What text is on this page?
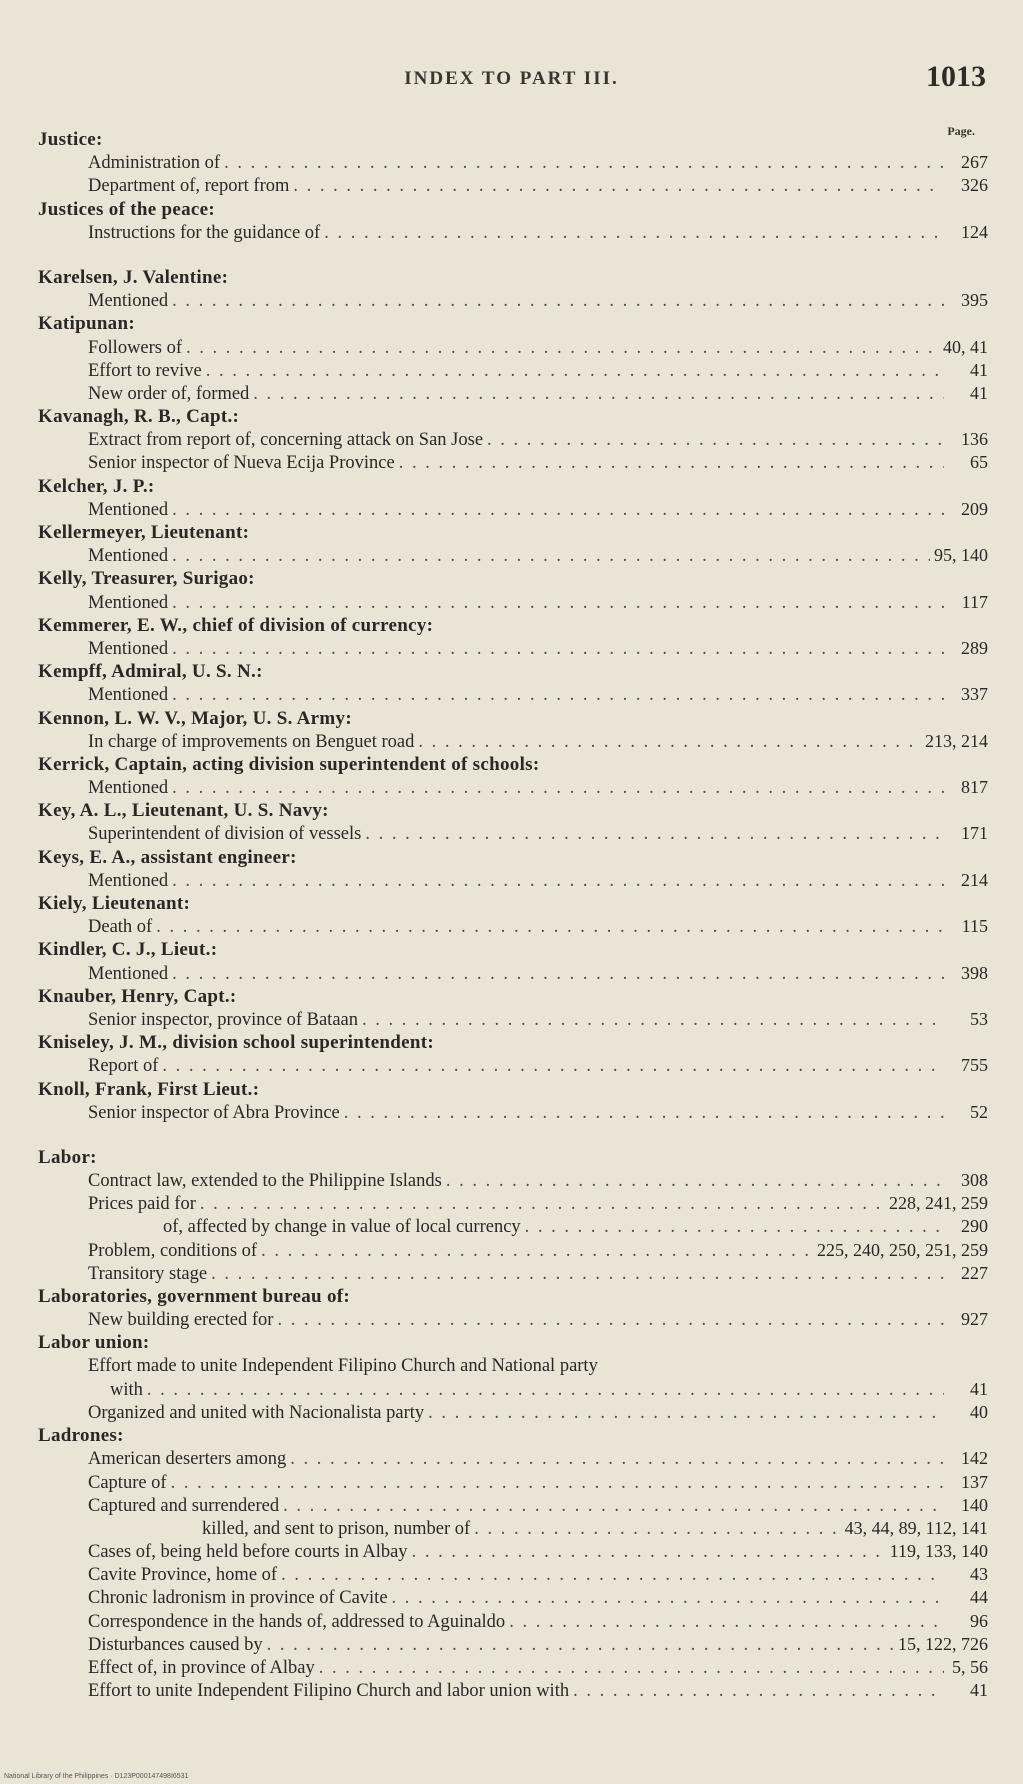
INDEX TO PART III.	1013
Page.
Justice:
Administration of . . .	267
Department of, report from . . .	326
Justices of the peace:
Instructions for the guidance of . . .	124
Karelsen, J. Valentine:
Mentioned . . .	395
Katipunan:
Followers of . . .	40, 41
Effort to revive . . .	41
New order of, formed . . .	41
Kavanagh, R. B., Capt.:
Extract from report of, concerning attack on San Jose . . .	136
Senior inspector of Nueva Ecija Province . . .	65
Kelcher, J. P.:
Mentioned . . .	209
Kellermeyer, Lieutenant:
Mentioned . . .	95, 140
Kelly, Treasurer, Surigao:
Mentioned . . .	117
Kemmerer, E. W., chief of division of currency:
Mentioned . . .	289
Kempff, Admiral, U. S. N.:
Mentioned . . .	337
Kennon, L. W. V., Major, U. S. Army:
In charge of improvements on Benguet road . . .	213, 214
Kerrick, Captain, acting division superintendent of schools:
Mentioned . . .	817
Key, A. L., Lieutenant, U. S. Navy:
Superintendent of division of vessels . . .	171
Keys, E. A., assistant engineer:
Mentioned . . .	214
Kiely, Lieutenant:
Death of . . .	115
Kindler, C. J., Lieut.:
Mentioned . . .	398
Knauber, Henry, Capt.:
Senior inspector, province of Bataan . . .	53
Kniseley, J. M., division school superintendent:
Report of . . .	755
Knoll, Frank, First Lieut.:
Senior inspector of Abra Province . . .	52
Labor:
Contract law, extended to the Philippine Islands . . .	308
Prices paid for . . .	228, 241, 259
of, affected by change in value of local currency . . .	290
Problem, conditions of . . .	225, 240, 250, 251, 259
Transitory stage . . .	227
Laboratories, government bureau of:
New building erected for . . .	927
Labor union:
Effort made to unite Independent Filipino Church and National party
with . . .	41
Organized and united with Nacionalista party . . .	40
Ladrones:
American deserters among . . .	142
Capture of . . .	137
Captured and surrendered . . .	140
killed, and sent to prison, number of . . .	43, 44, 89, 112, 141
Cases of, being held before courts in Albay . . .	119, 133, 140
Cavite Province, home of . . .	43
Chronic ladronism in province of Cavite . . .	44
Correspondence in the hands of, addressed to Aguinaldo . . .	96
Disturbances caused by . . .	15, 122, 726
Effect of, in province of Albay . . .	5, 56
Effort to unite Independent Filipino Church and labor union with . . .	41
National Library of the Philippines · D123P000147498I6531
